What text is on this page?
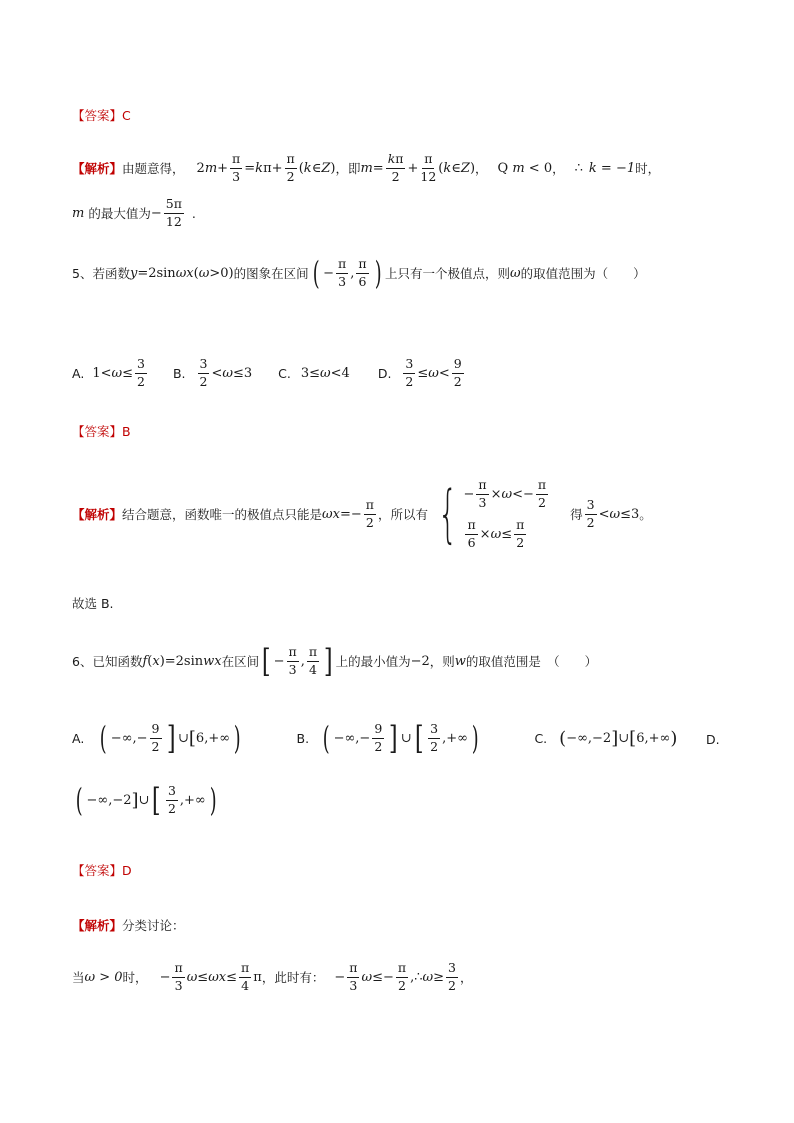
【答案】 C
【解析】 由题意得， 2 $m + \frac{\pi}{3} = k$ $\pi+ \frac{\pi}{2}$ ( k ∈ Z ) ，即 $m = \frac{k\pi}{2} + \frac{\pi}{12}$ ( k ∈ Z ) ， Q
m < 0 ， ∴ k = −1 时，
m 的最大值为 − $\frac{5\pi}{12}$ .
5、若函数 y =2sin ωx ( ω >0) 的图象在区间 ( − $\frac{\pi}{3}$ , $\frac{\pi}{6}$ ) 上只有一个极值点，则 ω 的取值范围为（　　）
A. $1< \omega \le \frac{3}{2} B$. $\frac{3}{2} < \omega \le 3$ C. 3≤ ω <4 D. $\frac{3}{2} \le \omega < \frac{9}{2}$
【答案】 B
【解析】 结合题意，函数唯一的极值点只能是 $\omega x =- \frac{\pi}{2}$ ，所以有 { − $\frac{\pi}{3} \times \omega <- \frac{\pi}{2}$
$\frac{\pi}{6} \times \omega \le \frac{\pi}{2}$
得 $\frac{3}{2} < \omega \le 3$ 。
故选 B.
6、已知函数 f ( x )=2sin wx 在区间 [ − $\frac{\pi}{3}$ , $\frac{\pi}{4}$ ] 上的最小值为 −2 ，则 w 的取值范围是　（　　）
A. ( −∞,− $\frac{9}{2}$ ] ∪ [ 6,+∞ )	B. ( −∞,− $\frac{9}{2}$ ] ∪ [ $\frac{3}{2}$ ,+∞ )	C. ( −∞,−2 ] ∪ [ 6,+∞ ) D.
( −∞,−2 ] ∪ [ $\frac{3}{2}$ ,+∞ )
【答案】 D
【解析】 分类讨论：
当 ω > 0 时， − $\frac{\pi}{3}$ $\omega \le \omega x \le \frac{\pi}{4}$ π ，此时有： − $\frac{\pi}{3}$ $\omega \le- \frac{\pi}{2}$ ,∴ $\omega \ge \frac{3}{2}$ ，
